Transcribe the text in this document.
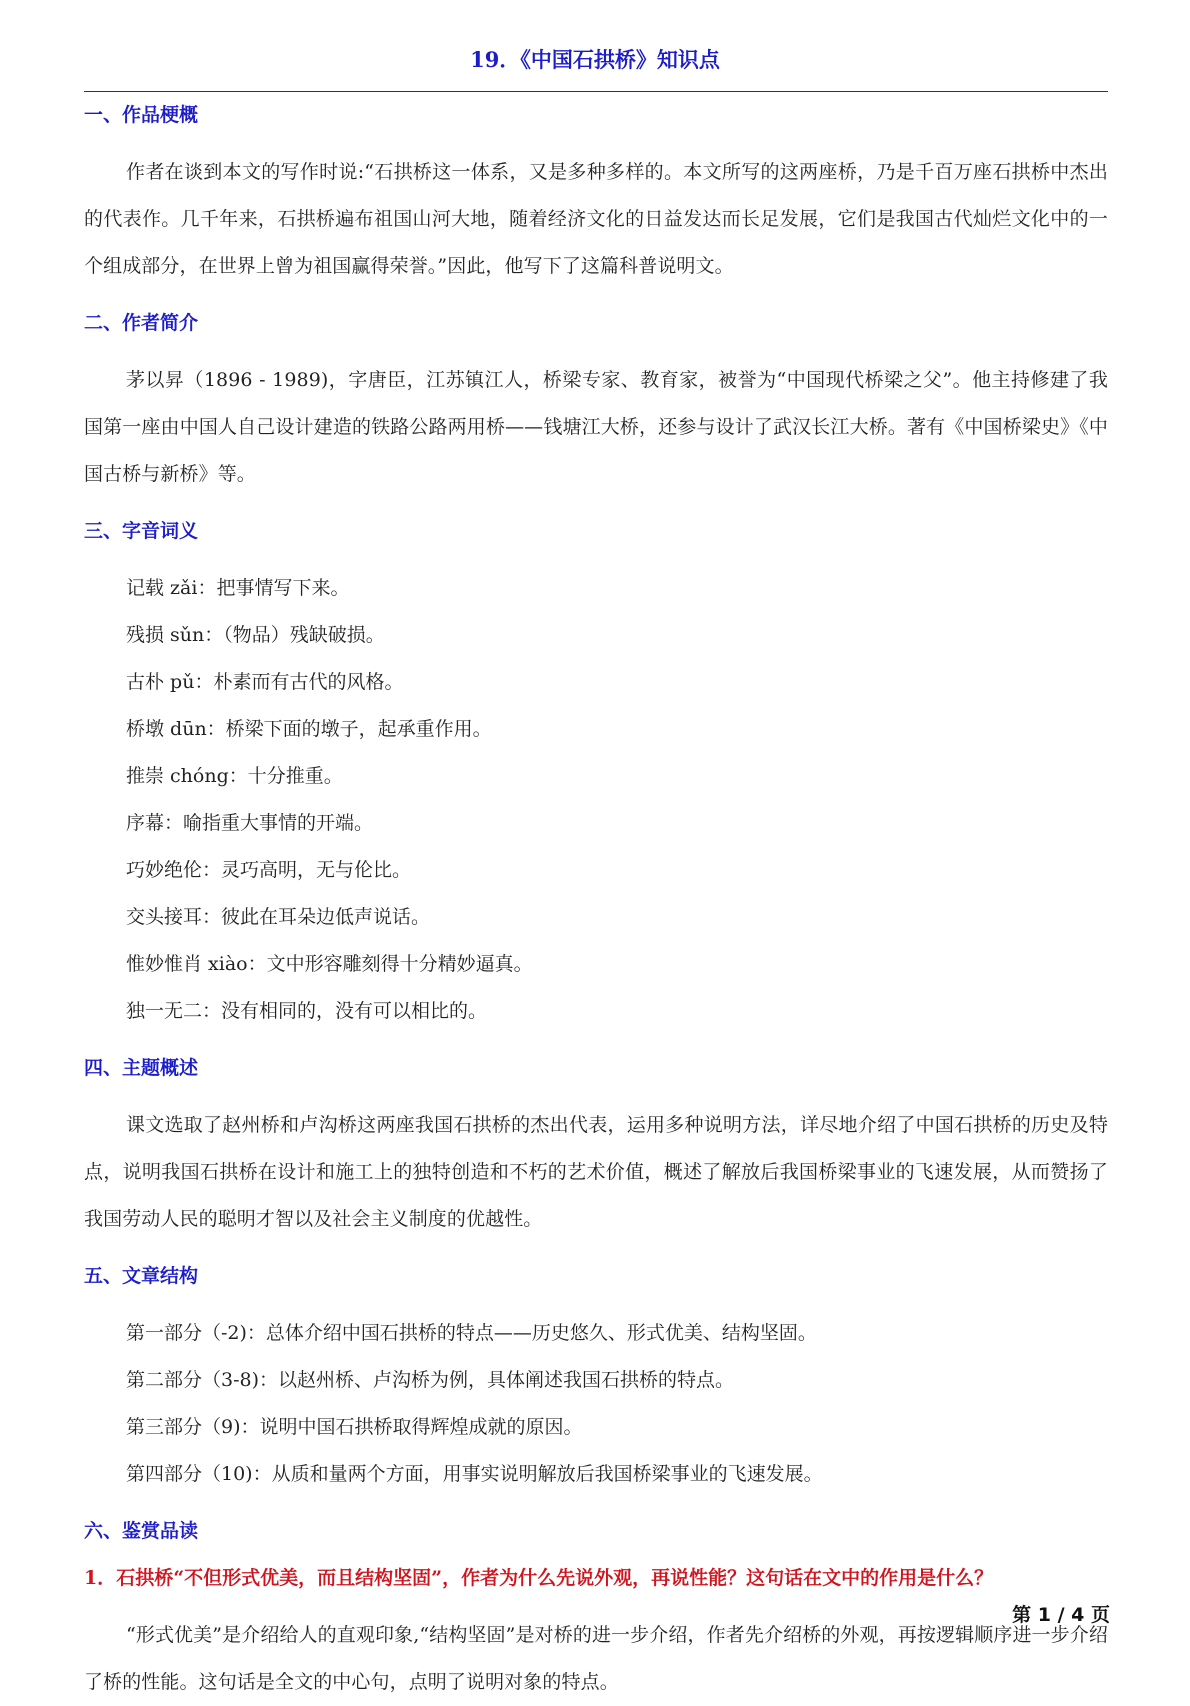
19．《中国石拱桥》知识点
一、作品梗概

作者在谈到本文的写作时说:“石拱桥这一体系，又是多种多样的。本文所写的这两座桥，乃是千百万座石拱桥中杰出的代表作。几千年来，石拱桥遍布祖国山河大地，随着经济文化的日益发达而长足发展，它们是我国古代灿烂文化中的一个组成部分，在世界上曾为祖国赢得荣誉。”因此，他写下了这篇科普说明文。

二、作者简介

茅以昇（1896 - 1989)，字唐臣，江苏镇江人，桥梁专家、教育家，被誉为“中国现代桥梁之父”。他主持修建了我国第一座由中国人自己设计建造的铁路公路两用桥——钱塘江大桥，还参与设计了武汉长江大桥。著有《中国桥梁史》《中国古桥与新桥》等。

三、字音词义

记载 zǎi：把事情写下来。

残损 sǔn：（物品）残缺破损。

古朴 pǔ：朴素而有古代的风格。

桥墩 dūn：桥梁下面的墩子，起承重作用。

推崇 chóng：十分推重。

序幕：喻指重大事情的开端。

巧妙绝伦：灵巧高明，无与伦比。

交头接耳：彼此在耳朵边低声说话。

惟妙惟肖 xiào：文中形容雕刻得十分精妙逼真。

独一无二：没有相同的，没有可以相比的。

四、主题概述

课文选取了赵州桥和卢沟桥这两座我国石拱桥的杰出代表，运用多种说明方法，详尽地介绍了中国石拱桥的历史及特点，说明我国石拱桥在设计和施工上的独特创造和不朽的艺术价值，概述了解放后我国桥梁事业的飞速发展，从而赞扬了我国劳动人民的聪明才智以及社会主义制度的优越性。

五、文章结构

第一部分（-2)：总体介绍中国石拱桥的特点——历史悠久、形式优美、结构坚固。

第二部分（3-8)：以赵州桥、卢沟桥为例，具体阐述我国石拱桥的特点。

第三部分（9)：说明中国石拱桥取得辉煌成就的原因。

第四部分（10)：从质和量两个方面，用事实说明解放后我国桥梁事业的飞速发展。

六、鉴赏品读

1．石拱桥“不但形式优美，而且结构坚固”，作者为什么先说外观，再说性能？这句话在文中的作用是什么？

“形式优美”是介绍给人的直观印象,“结构坚固”是对桥的进一步介绍，作者先介绍桥的外观，再按逻辑顺序进一步介绍了桥的性能。这句话是全文的中心句，点明了说明对象的特点。

第 1 / 4 页
